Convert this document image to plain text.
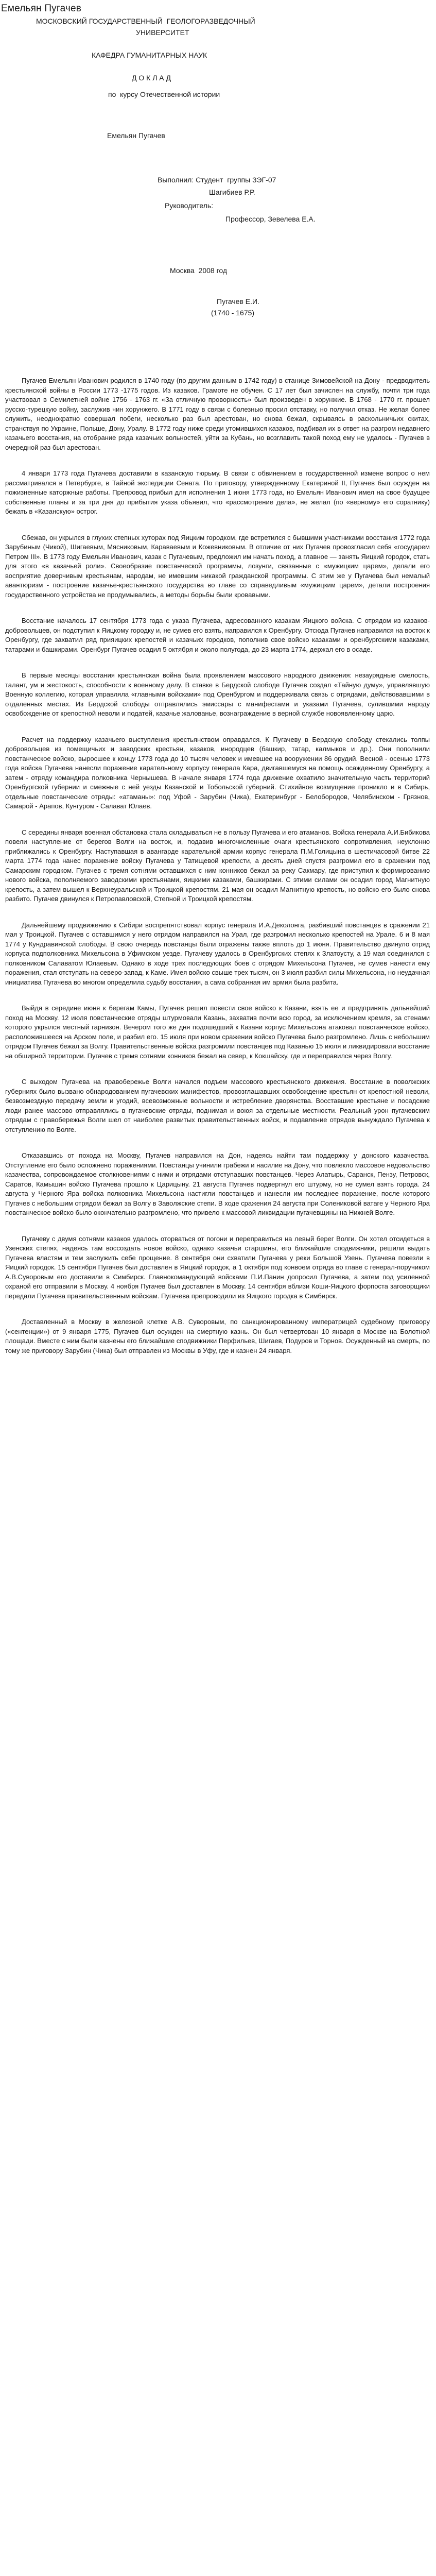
Емельян Пугачев
МОСКОВСКИЙ ГОСУДАРСТВЕННЫЙ  ГЕОЛОГОРАЗВЕДОЧНЫЙ
УНИВЕРСИТЕТ
КАФЕДРА ГУМАНИТАРНЫХ НАУК
Д О К Л А Д
по  курсу Отечественной истории
Емельян Пугачев
Выполнил: Студент  группы ЗЭГ-07
Шагибиев Р.Р.
Руководитель:
Профессор, Зевелева Е.А.
Москва  2008 год
Пугачев Е.И.
(1740 - 1675)

Пугачев Емельян Иванович родился в 1740 году (по другим данным в 1742 году) в станице Зимовейской на Дону - предводитель крестьянской войны в России 1773 -1775 годов. Из казаков. Грамоте не обучен. С 17 лет был зачислен на службу, почти три года участвовал в Семилетней войне 1756 - 1763 гг. «За отличную проворность» был произведен в хорунжие. В 1768 - 1770 гг. прошел русско-турецкую войну, заслужив чин хорунжего. В 1771 году в связи с болезнью просил отставку, но получил отказ. Не желая более служить, неоднократно совершал побеги, несколько раз был арестован, но снова бежал, скрываясь в раскольничьих скитах, странствуя по Украине, Польше, Дону, Уралу. В 1772 году ниже среди утомившихся казаков, подбивая их в ответ на разгром недавнего казачьего восстания, на отобрание ряда казачьих вольностей, уйти за Кубань, но возглавить такой поход ему не удалось - Пугачев в очередной раз был арестован.

4 января 1773 года Пугачева доставили в казанскую тюрьму. В связи с обвинением в государственной измене вопрос о нем рассматривался в Петербурге, в Тайной экспедиции Сената. По приговору, утвержденному Екатериной II, Пугачев был осужден на пожизненные каторжные работы. Препровод прибыл для исполнения 1 июня 1773 года, но Емельян Иванович имел на свое будущее собственные планы и за три дня до прибытия указа объявил, что «рассмотрение дела», не желал (по «верному» его соратнику) бежать в «Казанскую» острог.

Сбежав, он укрылся в глухих степных хуторах под Яицким городком, где встретился с бывшими участниками восстания 1772 года Зарубиным (Чикой), Шигаевым, Мясниковым, Караваевым и Кожевниковым. В отличие от них Пугачев провозгласил себя «государем Петром III». В 1773 году Емельян Иванович, казак с Пугачевым, предложил им начать поход, а главное — занять Яицкий городок, стать для этого «в казачьей роли». Своеобразие повстанческой программы, лозунги, связанные с «мужицким царем», делали его восприятие доверчивым крестьянам, народам, не имевшим никакой гражданской программы. С этим же у Пугачева был немалый авантюризм - построение казачье-крестьянского государства во главе со справедливым «мужицким царем», детали построения государственного устройства не продумывались, а методы борьбы были кровавыми.

Восстание началось 17 сентября 1773 года с указа Пугачева, адресованного казакам Яицкого войска. С отрядом из казаков-добровольцев, он подступил к Яицкому городку и, не сумев его взять, направился к Оренбургу. Отсюда Пугачев направился на восток к Оренбургу, где захватил ряд прияицких крепостей и казачьих городков, пополнив свое войско казаками и оренбургскими казаками, татарами и башкирами. Оренбург Пугачев осадил 5 октября и около полугода, до 23 марта 1774, держал его в осаде.

В первые месяцы восстания крестьянская война была проявлением массового народного движения: незаурядные смелость, талант, ум и жестокость, способности к военному делу. В ставке в Бердской слободе Пугачев создал «Тайную думу», управлявшую Военную коллегию, которая управляла «главными войсками» под Оренбургом и поддерживала связь с отрядами, действовавшими в отдаленных местах. Из Бердской слободы отправлялись эмиссары с манифестами и указами Пугачева, сулившими народу освобождение от крепостной неволи и податей, казачье жалованье, вознаграждение в верной службе новоявленному царю.

Расчет на поддержку казачьего выступления крестьянством оправдался. К Пугачеву в Бердскую слободу стекались толпы добровольцев из помещичьих и заводских крестьян, казаков, инородцев (башкир, татар, калмыков и др.). Они пополнили повстанческое войско, выросшее к концу 1773 года до 10 тысяч человек и имевшее на вооружении 86 орудий. Весной - осенью 1773 года войска Пугачева нанесли поражение карательному корпусу генерала Кара, двигавшемуся на помощь осажденному Оренбургу, а затем - отряду командира полковника Чернышева. В начале января 1774 года движение охватило значительную часть территорий Оренбургской губернии и смежные с ней уезды Казанской и Тобольской губерний. Стихийное возмущение проникло и в Сибирь, отдельные повстанческие отряды: «атаманы»: под Уфой - Зарубин (Чика), Екатеринбург - Белобородов, Челябинском - Грязнов, Самарой - Арапов, Кунгуром - Салават Юлаев.

С середины января военная обстановка стала складываться не в пользу Пугачева и его атаманов. Войска генерала А.И.Бибикова повели наступление от берегов Волги на восток, и, подавив многочисленные очаги крестьянского сопротивления, неуклонно приближались к Оренбургу. Наступавшая в авангарде карательной армии корпус генерала П.М.Голицына в шестичасовой битве 22 марта 1774 года нанес поражение войску Пугачева у Татищевой крепости, а десять дней спустя разгромил его в сражении под Самарским городком. Пугачев с тремя сотнями оставшихся с ним конников бежал за реку Сакмару, где приступил к формированию нового войска, пополняемого заводскими крестьянами, яицкими казаками, башкирами. С этими силами он осадил город Магнитную крепость, а затем вышел к Верхнеуральской и Троицкой крепостям. 21 мая он осадил Магнитную крепость, но войско его было снова разбито. Пугачев двинулся к Петропавловской, Степной и Троицкой крепостям.

Дальнейшему продвижению к Сибири воспрепятствовал корпус генерала И.А.Деколонга, разбивший повстанцев в сражении 21 мая у Троицкой. Пугачев с оставшимся у него отрядом направился на Урал, где разгромил несколько крепостей на Урале. 6 и 8 мая 1774 у Кундравинской слободы. В свою очередь повстанцы были отражены также вплоть до 1 июня. Правительство двинуло отряд корпуса подполковника Михельсона в Уфимском уезде. Пугачеву удалось в Оренбургских степях к Златоусту, а 19 мая соединился с полковником Салаватом Юлаевым. Однако в ходе трех последующих боев с отрядом Михельсона Пугачев, не сумев нанести ему поражения, стал отступать на северо-запад, к Каме. Имея войско свыше трех тысяч, он 3 июля разбил силы Михельсона, но неудачная инициатива Пугачева во многом определила судьбу восстания, а сама собранная им армия была разбита.

Выйдя в середине июня к берегам Камы, Пугачев решил повести свое войско к Казани, взять ее и предпринять дальнейший поход на Москву. 12 июля повстанческие отряды штурмовали Казань, захватив почти всю город, за исключением кремля, за стенами которого укрылся местный гарнизон. Вечером того же дня подошедший к Казани корпус Михельсона атаковал повстанческое войско, расположившееся на Арском поле, и разбил его. 15 июля при новом сражении войско Пугачева было разгромлено. Лишь с небольшим отрядом Пугачев бежал за Волгу. Правительственные войска разгромили повстанцев под Казанью 15 июля и ликвидировали восстание на обширной территории. Пугачев с тремя сотнями конников бежал на север, к Кокшайску, где и переправился через Волгу.

С выходом Пугачева на правобережье Волги начался подъем массового крестьянского движения. Восстание в поволжских губерниях было вызвано обнародованием пугачевских манифестов, провозглашавших освобождение крестьян от крепостной неволи, безвозмездную передачу земли и угодий, всевозможные вольности и истребление дворянства. Восставшие крестьяне и посадские люди ранее массово отправлялись в пугачевские отряды, поднимая и воюя за отдельные местности. Реальный урон пугачевским отрядам с правобережья Волги шел от наиболее развитых правительственных войск, и подавление отрядов вынуждало Пугачева к отступлению по Волге.

Отказавшись от похода на Москву, Пугачев направился на Дон, надеясь найти там поддержку у донского казачества. Отступление его было осложнено поражениями. Повстанцы учинили грабежи и насилие на Дону, что повлекло массовое недовольство казачества, сопровождаемое столкновениями с ними и отрядами отступавших повстанцев. Через Алатырь, Саранск, Пензу, Петровск, Саратов, Камышин войско Пугачева прошло к Царицыну. 21 августа Пугачев подвергнул его штурму, но не сумел взять города. 24 августа у Черного Яра войска полковника Михельсона настигли повстанцев и нанесли им последнее поражение, после которого Пугачев с небольшим отрядом бежал за Волгу в Заволжские степи. В ходе сражения 24 августа при Солениковой ватаге у Черного Яра повстанческое войско было окончательно разгромлено, что привело к массовой ликвидации пугачевщины на Нижней Волге.

Пугачеву с двумя сотнями казаков удалось оторваться от погони и переправиться на левый берег Волги. Он хотел отсидеться в Узенских степях, надеясь там воссоздать новое войско, однако казачьи старшины, его ближайшие сподвижники, решили выдать Пугачева властям и тем заслужить себе прощение. 8 сентября они схватили Пугачева у реки Большой Узень. Пугачева повезли в Яицкий городок. 15 сентября Пугачев был доставлен в Яицкий городок, а 1 октября под конвоем отряда во главе с генерал-поручиком А.В.Суворовым его доставили в Симбирск. Главнокомандующий войсками П.И.Панин допросил Пугачева, а затем под усиленной охраной его отправили в Москву. 4 ноября Пугачев был доставлен в Москву. 14 сентября вблизи Коши-Яицкого форпоста заговорщики передали Пугачева правительственным войскам. Пугачева препроводили из Яицкого городка в Симбирск.

Доставленный в Москву в железной клетке А.В. Суворовым, по санкционированному императрицей судебному приговору («сентенции») от 9 января 1775, Пугачев был осужден на смертную казнь. Он был четвертован 10 января в Москве на Болотной площади. Вместе с ним были казнены его ближайшие сподвижники Перфильев, Шигаев, Подуров и Торнов. Осужденный на смерть, по тому же приговору Зарубин (Чика) был отправлен из Москвы в Уфу, где и казнен 24 января.
